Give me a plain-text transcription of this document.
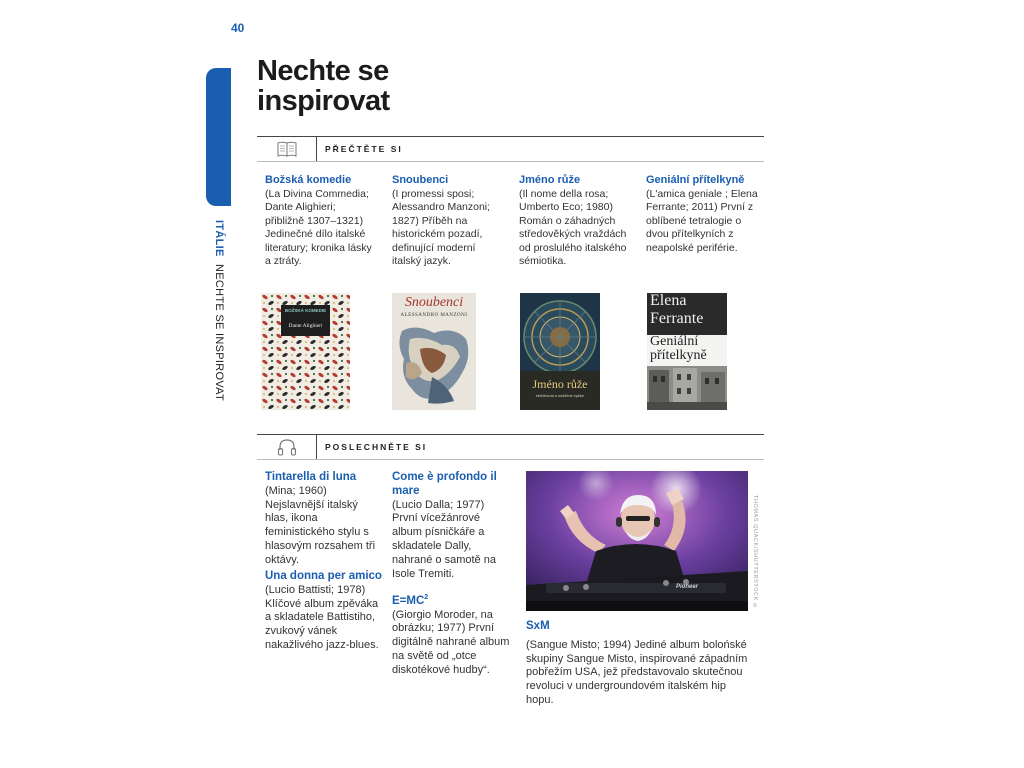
40
ITÁLIE NECHTE SE INSPIROVAT
Nechte se
inspirovat
PŘEČTĚTE SI
Božská komedie
(La Divina Commedia; Dante Alighieri; přibližně 1307–1321) Jedinečné dílo italské literatury; kronika lásky a ztráty.
Snoubenci
(I promessi sposi; Alessandro Manzoni; 1827) Příběh na historickém pozadí, definující moderní italský jazyk.
Jméno růže
(Il nome della rosa; Umberto Eco; 1980) Román o záhadných středověkých vraždách od proslulého italského sémiotika.
Geniální přítelkyně
(L'amica geniale ; Elena Ferrante; 2011) První z oblíbené tetralogie o dvou přítelkyních z neapolské periférie.
BOŽSKÁ KOMEDIE
Dante Alighieri
Snoubenci
ALESSANDRO MANZONI
Jméno růže
ekvilibrovat a rozšířené vydání
Elena
Ferrante
Geniální
přítelkyně
POSLECHNĚTE SI
Tintarella di luna
(Mina; 1960) Nejslavnější italský hlas, ikona feministického stylu s hlasovým rozsahem tři oktávy.
Una donna per amico
(Lucio Battisti; 1978) Klíčové album zpěváka a skladatele Battistiho, zvukový vánek nakažlivého jazz-blues.
Come è profondo il mare
(Lucio Dalla; 1977) První vícežánrové album písničkáře a skladatele Dally, nahrané o samotě na Isole Tremiti.
$E=MC^2$
(Giorgio Moroder, na obrázku; 1977) První digitálně nahrané album na světě od „otce diskotékové hudby“.
Pioneer	THOMAS QUACK/SHUTTERSTOCK ©
SxM
(Sangue Misto; 1994) Jediné album bolońské skupiny Sangue Misto, inspirované západním pobřežím USA, jež představovalo skutečnou revoluci v undergroundovém italském hip hopu.
